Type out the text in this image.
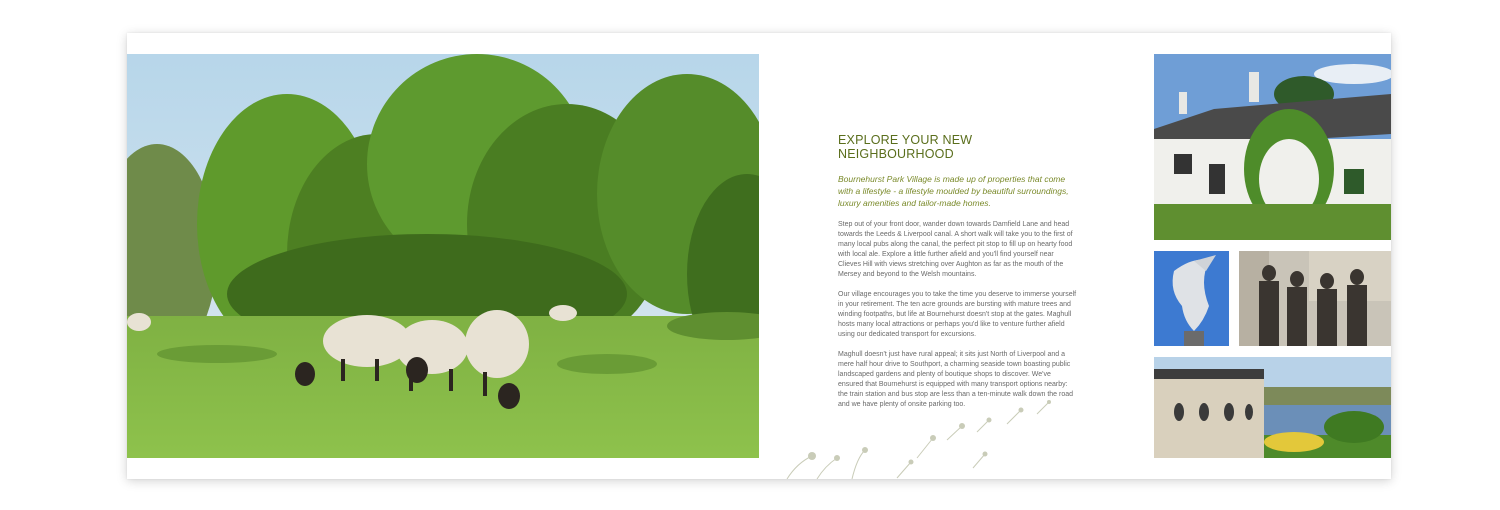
EXPLORE YOUR NEW NEIGHBOURHOOD

Bournehurst Park Village is made up of properties that come with a lifestyle - a lifestyle moulded by beautiful surroundings, luxury amenities and tailor-made homes.

Step out of your front door, wander down towards Damfield Lane and head towards the Leeds & Liverpool canal. A short walk will take you to the first of many local pubs along the canal, the perfect pit stop to fill up on hearty food with local ale. Explore a little further afield and you'll find yourself near Clieves Hill with views stretching over Aughton as far as the mouth of the Mersey and beyond to the Welsh mountains.

Our village encourages you to take the time you deserve to immerse yourself in your retirement. The ten acre grounds are bursting with mature trees and winding footpaths, but life at Bournehurst doesn't stop at the gates. Maghull hosts many local attractions or perhaps you'd like to venture further afield using our dedicated transport for excursions.

Maghull doesn't just have rural appeal; it sits just North of Liverpool and a mere half hour drive to Southport, a charming seaside town boasting public landscaped gardens and plenty of boutique shops to discover. We've ensured that Bournehurst is equipped with many transport options nearby: the train station and bus stop are less than a ten-minute walk down the road and we have plenty of onsite parking too.
